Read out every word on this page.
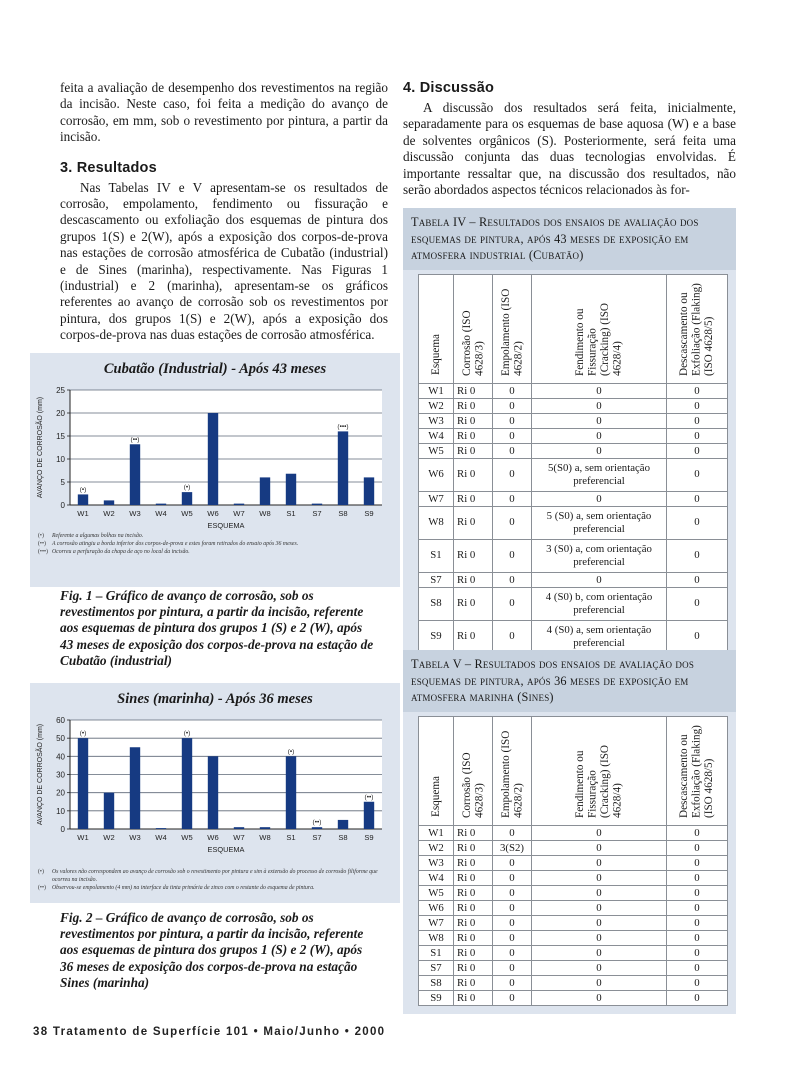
feita a avaliação de desempenho dos revestimentos na região da incisão. Neste caso, foi feita a medição do avanço de corrosão, em mm, sob o revestimento por pintura, a partir da incisão.

3. Resultados

Nas Tabelas IV e V apresentam-se os resultados de corrosão, empolamento, fendimento ou fissuração e descascamento ou exfoliação dos esquemas de pintura dos grupos 1(S) e 2(W), após a exposição dos corpos-de-prova nas estações de corrosão atmosférica de Cubatão (industrial) e de Sines (marinha), respectivamente. Nas Figuras 1 (industrial) e 2 (marinha), apresentam-se os gráficos referentes ao avanço de corrosão sob os revestimentos por pintura, dos grupos 1(S) e 2(W), após a exposição dos corpos-de-prova nas duas estações de corrosão atmosférica.

Cubatão (Industrial) - Após 43 meses
0
5
10
15
20
25
W1
(•)
W2 W3
(••)
W4 W5
(•)
W6 W7 W8 S1 S7 S8
(•••)
S9
ESQUEMA
AVANÇO DE CORROSÃO (mm)
(•)	Referente a algumas bolhas na incisão.
(••)	A corrosão atingiu a borda inferior dos corpos-de-prova e estes foram retirados do ensaio após 36 meses.
(•••) Ocorreu a perfuração da chapa de aço no local da incisão.
Fig. 1 – Gráfico de avanço de corrosão, sob os revestimentos por pintura, a partir da incisão, referente aos esquemas de pintura dos grupos 1 (S) e 2 (W), após 43 meses de exposição dos corpos-de-prova na estação de Cubatão (industrial)
Sines (marinha) - Após 36 meses
0
10
20
30
40
50
60
W1
(•)
W2 W3 W4 W5
(•)
W6 W7 W8 S1
(•)
S7
(••)
S8 S9
(••)
ESQUEMA
AVANÇO DE CORROSÃO (mm)
(•)	Os valores não correspondem ao avanço de corrosão sob o revestimento por pintura e sim à extensão do processo de corrosão filiforme que ocorreu na incisão.
(••)	Observou-se empolamento (4 mm) na interface da tinta primária de zinco com o restante do esquema de pintura.
Fig. 2 – Gráfico de avanço de corrosão, sob os revestimentos por pintura, a partir da incisão, referente aos esquemas de pintura dos grupos 1 (S) e 2 (W), após 36 meses de exposição dos corpos-de-prova na estação Sines (marinha)
4. Discussão

A discussão dos resultados será feita, inicialmente, separadamente para os esquemas de base aquosa (W) e a base de solventes orgânicos (S). Posteriormente, será feita uma discussão conjunta das duas tecnologias envolvidas. É importante ressaltar que, na discussão dos resultados, não serão abordados aspectos técnicos relacionados às for-

Tabela IV – Resultados dos ensaios de avaliação dos esquemas de pintura, após 43 meses de exposição em atmosfera industrial (Cubatão)
Esquema	Corrosão (ISO 4628/3)	Empolamento (ISO 4628/2)	Fendimento ou Fissuração (Cracking) (ISO 4628/4)	Descascamento ou Exfoliação (Flaking) (ISO 4628/5)
W1	Ri 0	0	0	0
W2	Ri 0	0	0	0
W3	Ri 0	0	0	0
W4	Ri 0	0	0	0
W5	Ri 0	0	0	0
W6	Ri 0	0	5(S0) a, sem orientação preferencial	0
W7	Ri 0	0	0	0
W8	Ri 0	0	5 (S0) a, sem orientação preferencial	0
S1	Ri 0	0	3 (S0) a, com orientação preferencial	0
S7	Ri 0	0	0	0
S8	Ri 0	0	4 (S0) b, com orientação preferencial	0
S9	Ri 0	0	4 (S0) a, sem orientação preferencial	0
Tabela V – Resultados dos ensaios de avaliação dos esquemas de pintura, após 36 meses de exposição em atmosfera marinha (Sines)
Esquema	Corrosão (ISO 4628/3)	Empolamento (ISO 4628/2)	Fendimento ou Fissuração (Cracking) (ISO 4628/4)	Descascamento ou Exfoliação (Flaking) (ISO 4628/5)
W1	Ri 0	0	0	0
W2	Ri 0	3(S2)	0	0
W3	Ri 0	0	0	0
W4	Ri 0	0	0	0
W5	Ri 0	0	0	0
W6	Ri 0	0	0	0
W7	Ri 0	0	0	0
W8	Ri 0	0	0	0
S1	Ri 0	0	0	0
S7	Ri 0	0	0	0
S8	Ri 0	0	0	0
S9	Ri 0	0	0	0
38 Tratamento de Superfície 101 • Maio/Junho • 2000
